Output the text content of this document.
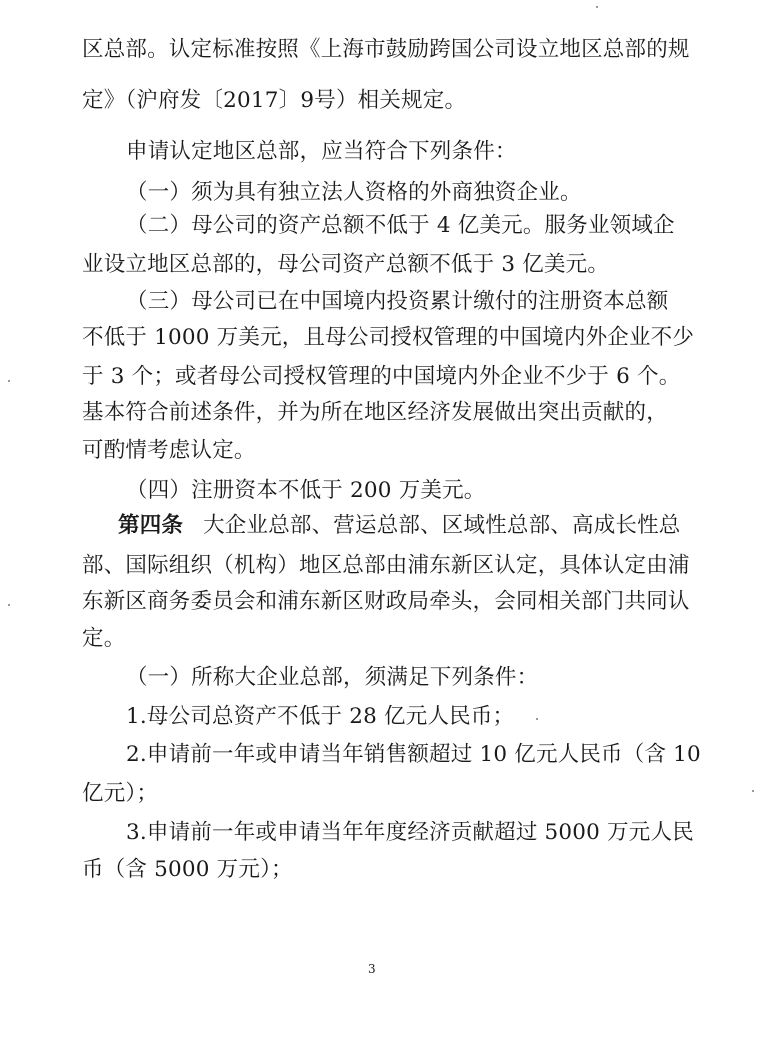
区总部。认定标准按照《上海市鼓励跨国公司设立地区总部的规
定》（沪府发〔2017〕9号）相关规定。
申请认定地区总部，应当符合下列条件：
（一）须为具有独立法人资格的外商独资企业。
（二）母公司的资产总额不低于 4 亿美元。服务业领域企
业设立地区总部的，母公司资产总额不低于 3 亿美元。
（三）母公司已在中国境内投资累计缴付的注册资本总额
不低于 1000 万美元，且母公司授权管理的中国境内外企业不少
于 3 个；或者母公司授权管理的中国境内外企业不少于 6 个。
基本符合前述条件，并为所在地区经济发展做出突出贡献的，
可酌情考虑认定。
（四）注册资本不低于 200 万美元。
第四条 大企业总部、营运总部、区域性总部、高成长性总
部、国际组织（机构）地区总部由浦东新区认定，具体认定由浦
东新区商务委员会和浦东新区财政局牵头，会同相关部门共同认
定。
（一）所称大企业总部，须满足下列条件：
1.母公司总资产不低于 28 亿元人民币；
2.申请前一年或申请当年销售额超过 10 亿元人民币（含 10
亿元）；
3.申请前一年或申请当年年度经济贡献超过 5000 万元人民
币（含 5000 万元）；
3
